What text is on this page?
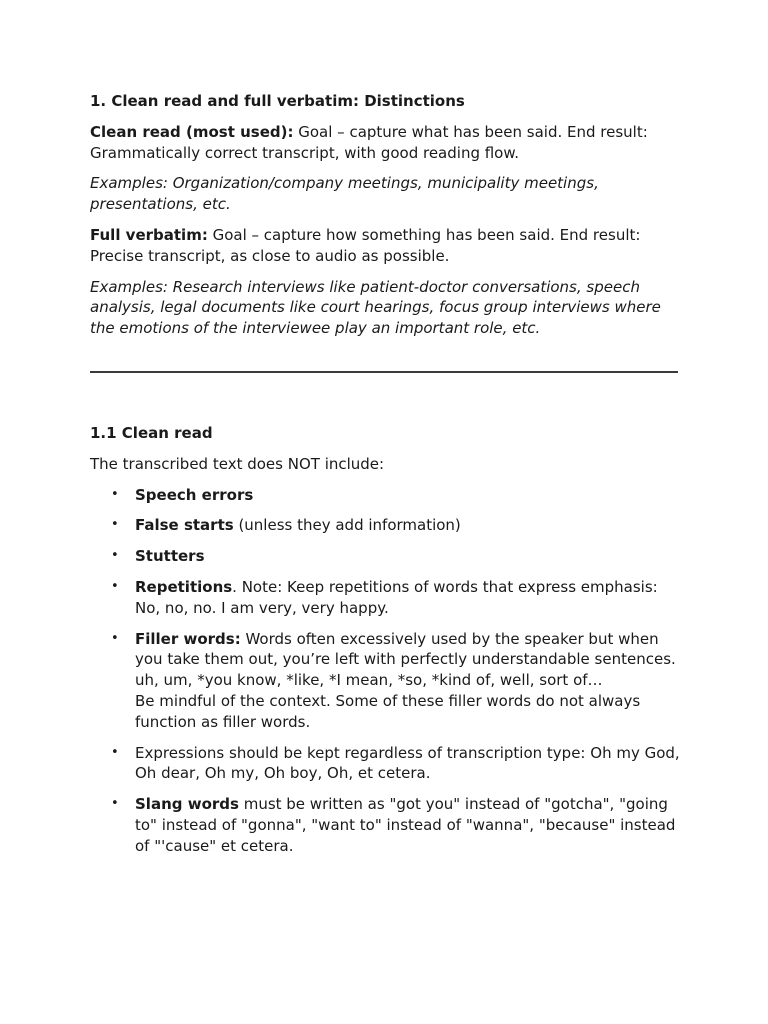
1. Clean read and full verbatim: Distinctions

Clean read (most used): Goal – capture what has been said. End result: Grammatically correct transcript, with good reading flow.

Examples: Organization/company meetings, municipality meetings, presentations, etc.

Full verbatim: Goal – capture how something has been said. End result: Precise transcript, as close to audio as possible.

Examples: Research interviews like patient-doctor conversations, speech analysis, legal documents like court hearings, focus group interviews where the emotions of the interviewee play an important role, etc.

1.1 Clean read

The transcribed text does NOT include:

• Speech errors
• False starts (unless they add information)
• Stutters
• Repetitions. Note: Keep repetitions of words that express emphasis: No, no, no. I am very, very happy.
• Filler words: Words often excessively used by the speaker but when you take them out, you’re left with perfectly understandable sentences. uh, um, *you know, *like, *I mean, *so, *kind of, well, sort of…
Be mindful of the context. Some of these filler words do not always function as filler words.
• Expressions should be kept regardless of transcription type: Oh my God, Oh dear, Oh my, Oh boy, Oh, et cetera.
• Slang words must be written as "got you" instead of "gotcha", "going to" instead of "gonna", "want to" instead of "wanna", "because" instead of "'cause" et cetera.
